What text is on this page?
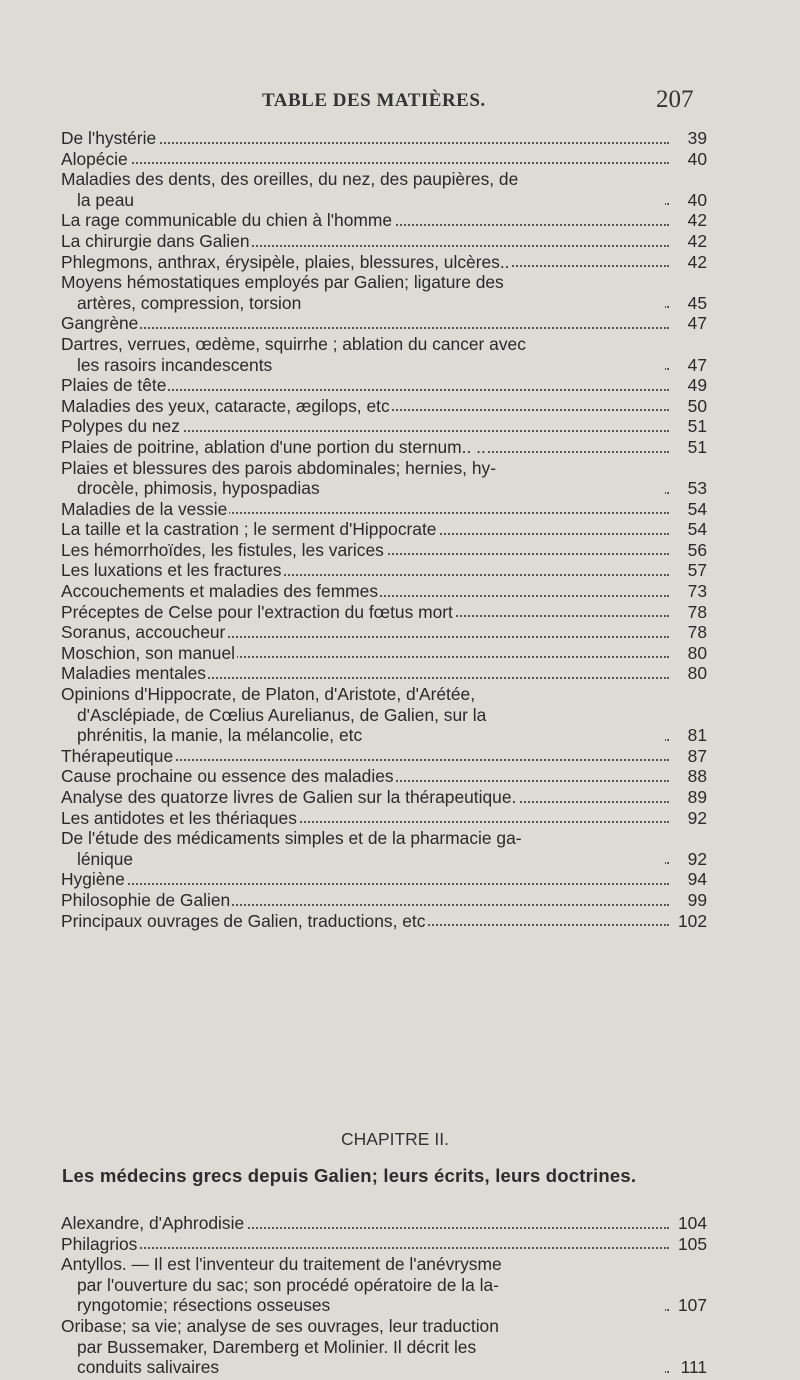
TABLE DES MATIÈRES.	207
De l'hystérie	39
Alopécie	40
Maladies des dents, des oreilles, du nez, des paupières, de
la peau	40
La rage communicable du chien à l'homme	42
La chirurgie dans Galien	42
Phlegmons, anthrax, érysipèle, plaies, blessures, ulcères..	42
Moyens hémostatiques employés par Galien; ligature des
artères, compression, torsion	45
Gangrène	47
Dartres, verrues, œdème, squirrhe ; ablation du cancer avec
les rasoirs incandescents	47
Plaies de tête	49
Maladies des yeux, cataracte, ægilops, etc	50
Polypes du nez	51
Plaies de poitrine, ablation d'une portion du sternum.. ..	51
Plaies et blessures des parois abdominales; hernies, hy-
drocèle, phimosis, hypospadias	53
Maladies de la vessie	54
La taille et la castration ; le serment d'Hippocrate	54
Les hémorrhoïdes, les fistules, les varices	56
Les luxations et les fractures	57
Accouchements et maladies des femmes	73
Préceptes de Celse pour l'extraction du fœtus mort	78
Soranus, accoucheur	78
Moschion, son manuel	80
Maladies mentales	80
Opinions d'Hippocrate, de Platon, d'Aristote, d'Arétée,
d'Asclépiade, de Cœlius Aurelianus, de Galien, sur la
phrénitis, la manie, la mélancolie, etc	81
Thérapeutique	87
Cause prochaine ou essence des maladies	88
Analyse des quatorze livres de Galien sur la thérapeutique.	89
Les antidotes et les thériaques	92
De l'étude des médicaments simples et de la pharmacie ga-
lénique	92
Hygiène	94
Philosophie de Galien	99
Principaux ouvrages de Galien, traductions, etc	102
CHAPITRE II.
Les médecins grecs depuis Galien; leurs écrits, leurs doctrines.
Alexandre, d'Aphrodisie	104
Philagrios	105
Antyllos. — Il est l'inventeur du traitement de l'anévrysme
par l'ouverture du sac; son procédé opératoire de la la-
ryngotomie; résections osseuses	107
Oribase; sa vie; analyse de ses ouvrages, leur traduction
par Bussemaker, Daremberg et Molinier. Il décrit les
conduits salivaires	111
